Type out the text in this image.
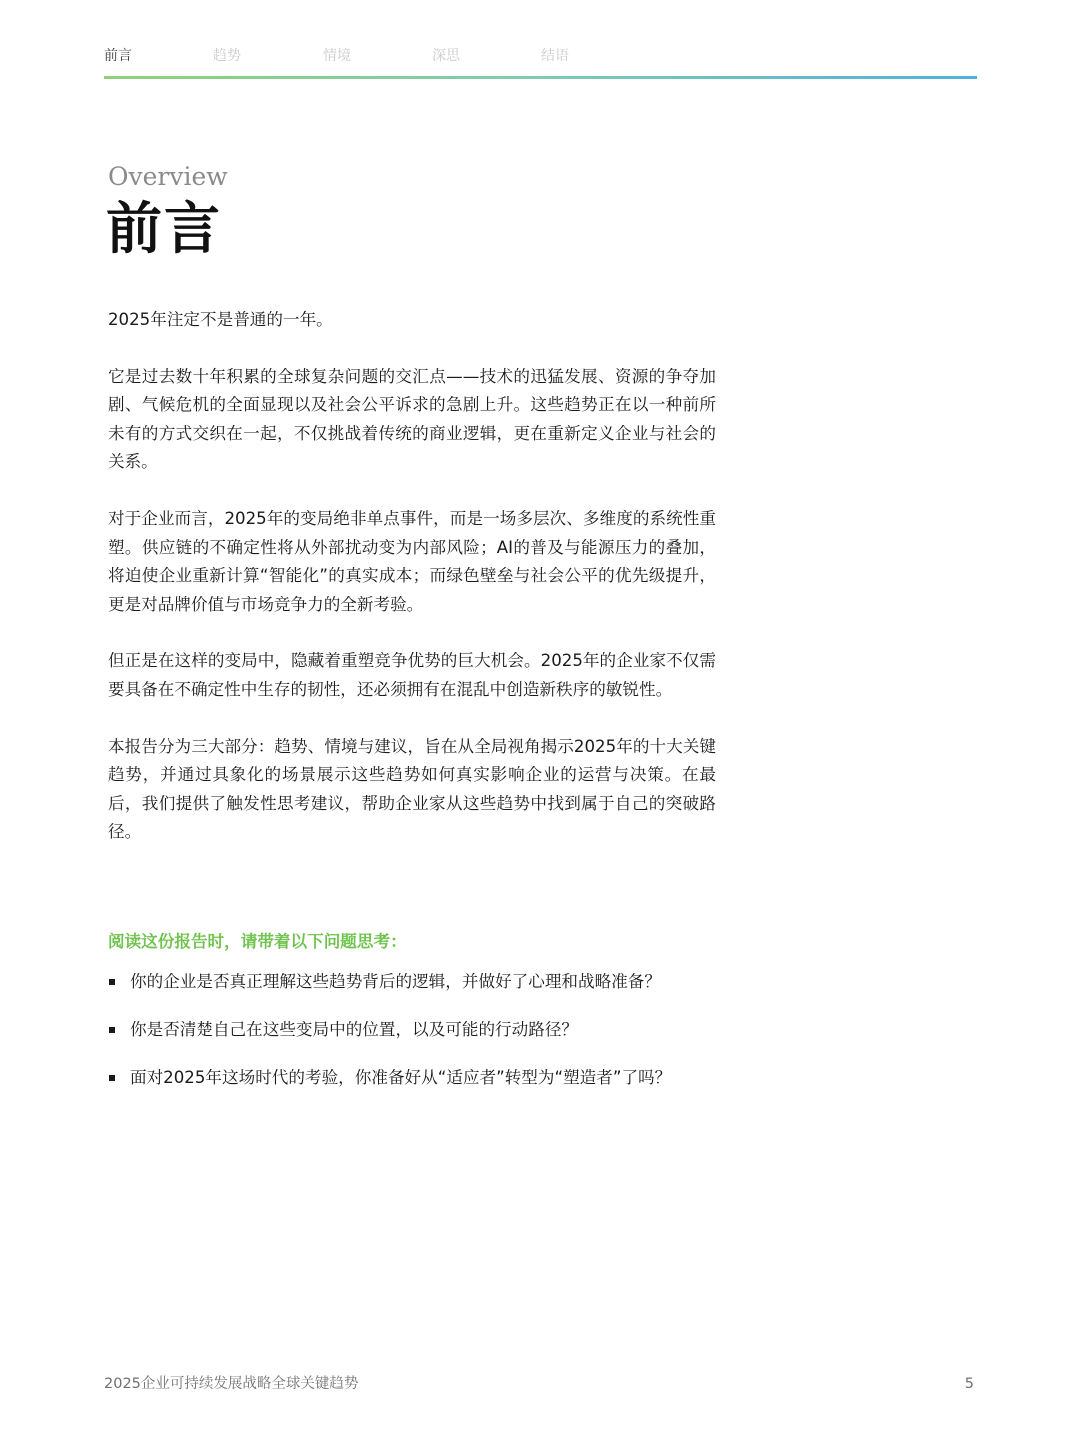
前言	趋势	情境	深思	结语
Overview
前言

2025年注定不是普通的一年。

它是过去数十年积累的全球复杂问题的交汇点——技术的迅猛发展、资源的争夺加剧、气候危机的全面显现以及社会公平诉求的急剧上升。这些趋势正在以一种前所未有的方式交织在一起，不仅挑战着传统的商业逻辑，更在重新定义企业与社会的关系。

对于企业而言，2025年的变局绝非单点事件，而是一场多层次、多维度的系统性重塑。供应链的不确定性将从外部扰动变为内部风险；AI的普及与能源压力的叠加，将迫使企业重新计算“智能化”的真实成本；而绿色壁垒与社会公平的优先级提升，更是对品牌价值与市场竞争力的全新考验。

但正是在这样的变局中，隐藏着重塑竞争优势的巨大机会。2025年的企业家不仅需要具备在不确定性中生存的韧性，还必须拥有在混乱中创造新秩序的敏锐性。

本报告分为三大部分：趋势、情境与建议，旨在从全局视角揭示2025年的十大关键趋势，并通过具象化的场景展示这些趋势如何真实影响企业的运营与决策。在最后，我们提供了触发性思考建议，帮助企业家从这些趋势中找到属于自己的突破路径。

阅读这份报告时，请带着以下问题思考：
你的企业是否真正理解这些趋势背后的逻辑，并做好了心理和战略准备？
你是否清楚自己在这些变局中的位置，以及可能的行动路径？
面对2025年这场时代的考验，你准备好从“适应者”转型为“塑造者”了吗？
2025企业可持续发展战略全球关键趋势	5
